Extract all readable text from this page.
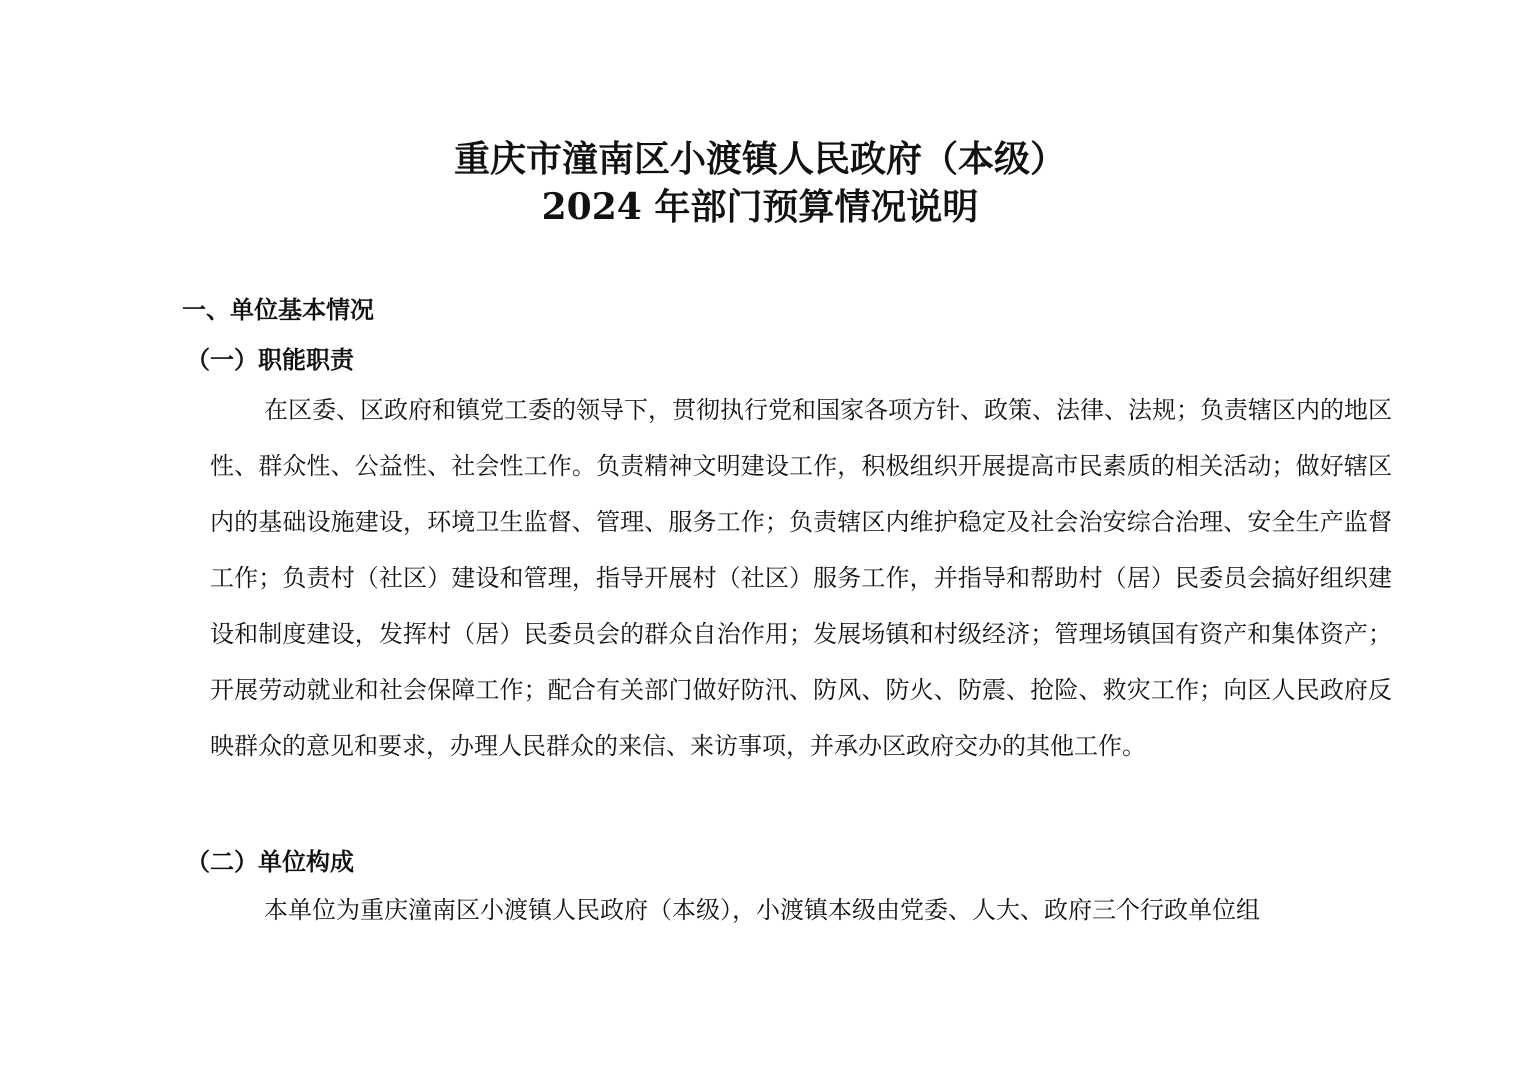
重庆市潼南区小渡镇人民政府（本级）
2024 年部门预算情况说明
一、单位基本情况
（一）职能职责
在区委、区政府和镇党工委的领导下，贯彻执行党和国家各项方针、政策、法律、法规；负责辖区内的地区性、群众性、公益性、社会性工作。负责精神文明建设工作，积极组织开展提高市民素质的相关活动；做好辖区内的基础设施建设，环境卫生监督、管理、服务工作；负责辖区内维护稳定及社会治安综合治理、安全生产监督工作；负责村（社区）建设和管理，指导开展村（社区）服务工作，并指导和帮助村（居）民委员会搞好组织建设和制度建设，发挥村（居）民委员会的群众自治作用；发展场镇和村级经济；管理场镇国有资产和集体资产；开展劳动就业和社会保障工作；配合有关部门做好防汛、防风、防火、防震、抢险、救灾工作；向区人民政府反映群众的意见和要求，办理人民群众的来信、来访事项，并承办区政府交办的其他工作。
（二）单位构成
本单位为重庆潼南区小渡镇人民政府（本级），小渡镇本级由党委、人大、政府三个行政单位组
